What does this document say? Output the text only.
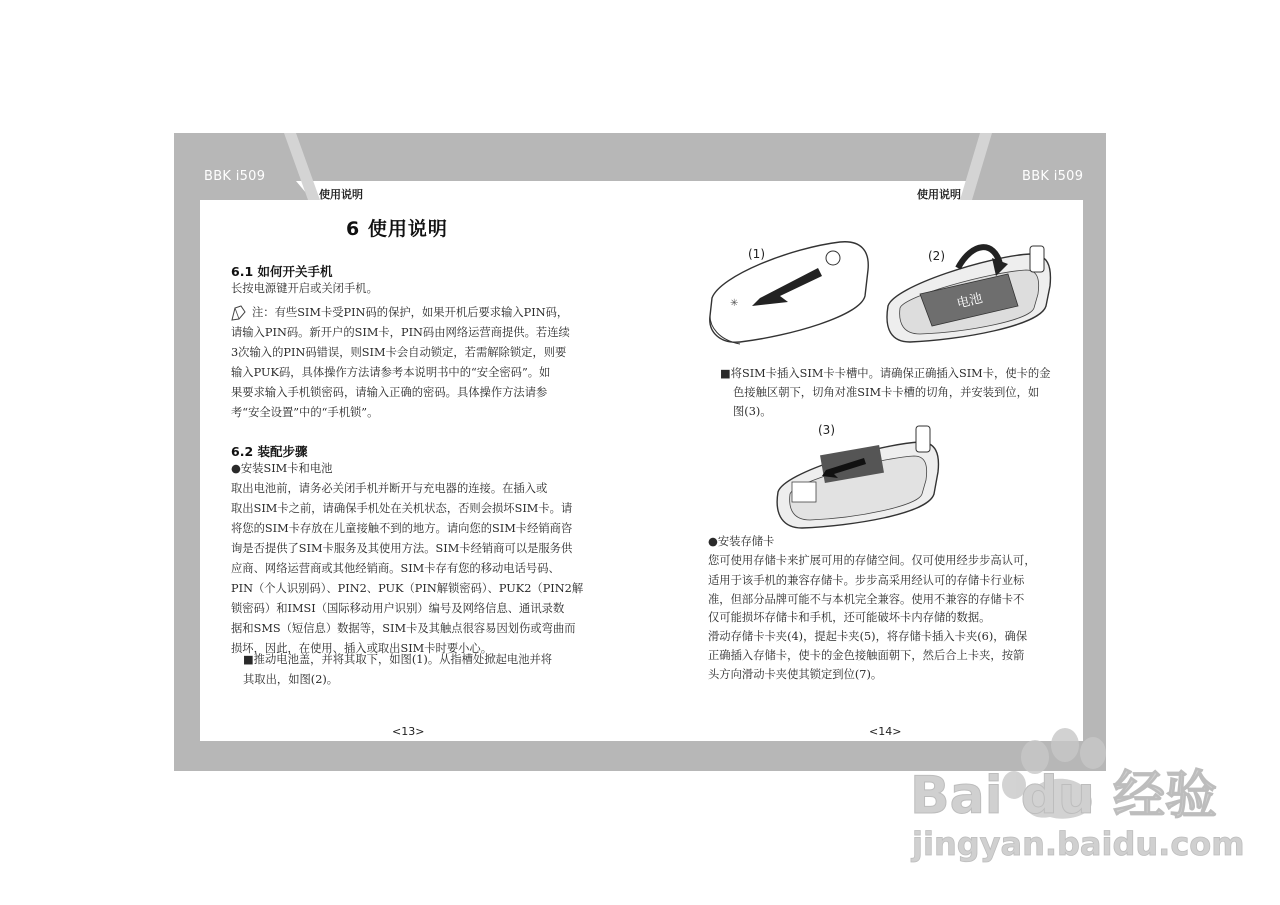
BBK i509	BBK i509
使用说明	使用说明
6 使用说明
6.1 如何开关手机
长按电源键开启或关闭手机。
注：有些SIM卡受PIN码的保护，如果开机后要求输入PIN码，
请输入PIN码。新开户的SIM卡，PIN码由网络运营商提供。若连续
3次输入的PIN码错误，则SIM卡会自动锁定，若需解除锁定，则要
输入PUK码，具体操作方法请参考本说明书中的“安全密码”。如
果要求输入手机锁密码，请输入正确的密码。具体操作方法请参
考“安全设置”中的“手机锁”。
6.2 装配步骤
●安装SIM卡和电池
取出电池前，请务必关闭手机并断开与充电器的连接。在插入或
取出SIM卡之前，请确保手机处在关机状态，否则会损坏SIM卡。请
将您的SIM卡存放在儿童接触不到的地方。请向您的SIM卡经销商咨
询是否提供了SIM卡服务及其使用方法。SIM卡经销商可以是服务供
应商、网络运营商或其他经销商。SIM卡存有您的移动电话号码、
PIN（个人识别码）、PIN2、PUK（PIN解锁密码）、PUK2（PIN2解
锁密码）和IMSI（国际移动用户识别）编号及网络信息、通讯录数
据和SMS（短信息）数据等，SIM卡及其触点很容易因划伤或弯曲而
损坏，因此，在使用、插入或取出SIM卡时要小心。
■推动电池盖，并将其取下，如图(1)。从指槽处掀起电池并将
其取出，如图(2)。
<13>
(1)
✳
(2)
电池
■将SIM卡插入SIM卡卡槽中。请确保正确插入SIM卡，使卡的金
色接触区朝下，切角对准SIM卡卡槽的切角，并安装到位，如
图(3)。
(3)
●安装存储卡
您可使用存储卡来扩展可用的存储空间。仅可使用经步步高认可，
适用于该手机的兼容存储卡。步步高采用经认可的存储卡行业标
准，但部分品牌可能不与本机完全兼容。使用不兼容的存储卡不
仅可能损坏存储卡和手机，还可能破坏卡内存储的数据。
滑动存储卡卡夹(4)，提起卡夹(5)，将存储卡插入卡夹(6)，确保
正确插入存储卡，使卡的金色接触面朝下，然后合上卡夹，按箭
头方向滑动卡夹使其锁定到位(7)。
<14>
Bai du 经验
jingyan.baidu.com
